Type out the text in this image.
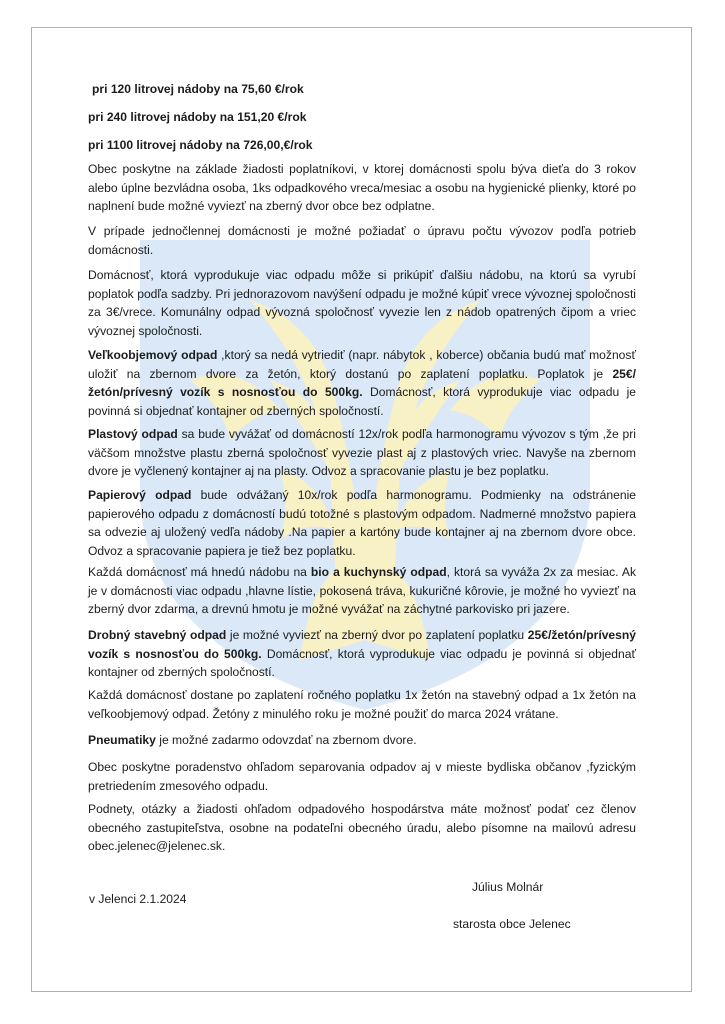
pri 120 litrovej nádoby na 75,60 €/rok
pri 240 litrovej nádoby na 151,20 €/rok
pri 1100 litrovej nádoby na 726,00,€/rok

Obec poskytne na základe žiadosti poplatníkovi, v ktorej domácnosti spolu býva dieťa do 3 rokov alebo úplne bezvládna osoba, 1ks odpadkového vreca/mesiac a osobu na hygienické plienky, ktoré po naplnení bude možné vyviezť na zberný dvor obce bez odplatne.

V prípade jednočlennej domácnosti je možné požiadať o úpravu počtu vývozov podľa potrieb domácnosti.

Domácnosť, ktorá vyprodukuje viac odpadu môže si prikúpiť ďalšiu nádobu, na ktorú sa vyrubí poplatok podľa sadzby. Pri jednorazovom navýšení odpadu je možné kúpiť vrece vývoznej spoločnosti za 3€/vrece. Komunálny odpad vývozná spoločnosť vyvezie len z nádob opatrených čipom a vriec vývoznej spoločnosti.

Veľkoobjemový odpad ,ktorý sa nedá vytriediť (napr. nábytok , koberce) občania budú mať možnosť uložiť na zbernom dvore za žetón, ktorý dostanú po zaplatení poplatku. Poplatok je 25€/žetón/prívesný vozík s nosnosťou do 500kg. Domácnosť, ktorá vyprodukuje viac odpadu je povinná si objednať kontajner od zberných spoločností.

Plastový odpad sa bude vyvážať od domácností 12x/rok podľa harmonogramu vývozov s tým ,že pri väčšom množstve plastu zberná spoločnosť vyvezie plast aj z plastových vriec. Navyše na zbernom dvore je vyčlenený kontajner aj na plasty. Odvoz a spracovanie plastu je bez poplatku.

Papierový odpad bude odvážaný 10x/rok podľa harmonogramu. Podmienky na odstránenie papierového odpadu z domácností budú totožné s plastovým odpadom. Nadmerné množstvo papiera sa odvezie aj uložený vedľa nádoby .Na papier a kartóny bude kontajner aj na zbernom dvore obce. Odvoz a spracovanie papiera je tiež bez poplatku.

Každá domácnosť má hnedú nádobu na bio a kuchynský odpad, ktorá sa vyváža 2x za mesiac. Ak je v domácnosti viac odpadu ,hlavne lístie, pokosená tráva, kukuričné kôrovie, je možné ho vyviezť na zberný dvor zdarma, a drevnú hmotu je možné vyvážať na záchytné parkovisko pri jazere.

Drobný stavebný odpad je možné vyviezť na zberný dvor po zaplatení poplatku 25€/žetón/prívesný vozík s nosnosťou do 500kg. Domácnosť, ktorá vyprodukuje viac odpadu je povinná si objednať kontajner od zberných spoločností.

Každá domácnosť dostane po zaplatení ročného poplatku 1x žetón na stavebný odpad a 1x žetón na veľkoobjemový odpad. Žetóny z minulého roku je možné použiť do marca 2024 vrátane.

Pneumatiky je možné zadarmo odovzdať na zbernom dvore.

Obec poskytne poradenstvo ohľadom separovania odpadov aj v mieste bydliska občanov ,fyzickým pretriedením zmesového odpadu.

Podnety, otázky a žiadosti ohľadom odpadového hospodárstva máte možnosť podať cez členov obecného zastupiteľstva, osobne na podateľni obecného úradu, alebo písomne na mailovú adresu obec.jelenec@jelenec.sk.

v Jelenci 2.1.2024
Július Molnár
starosta obce Jelenec
